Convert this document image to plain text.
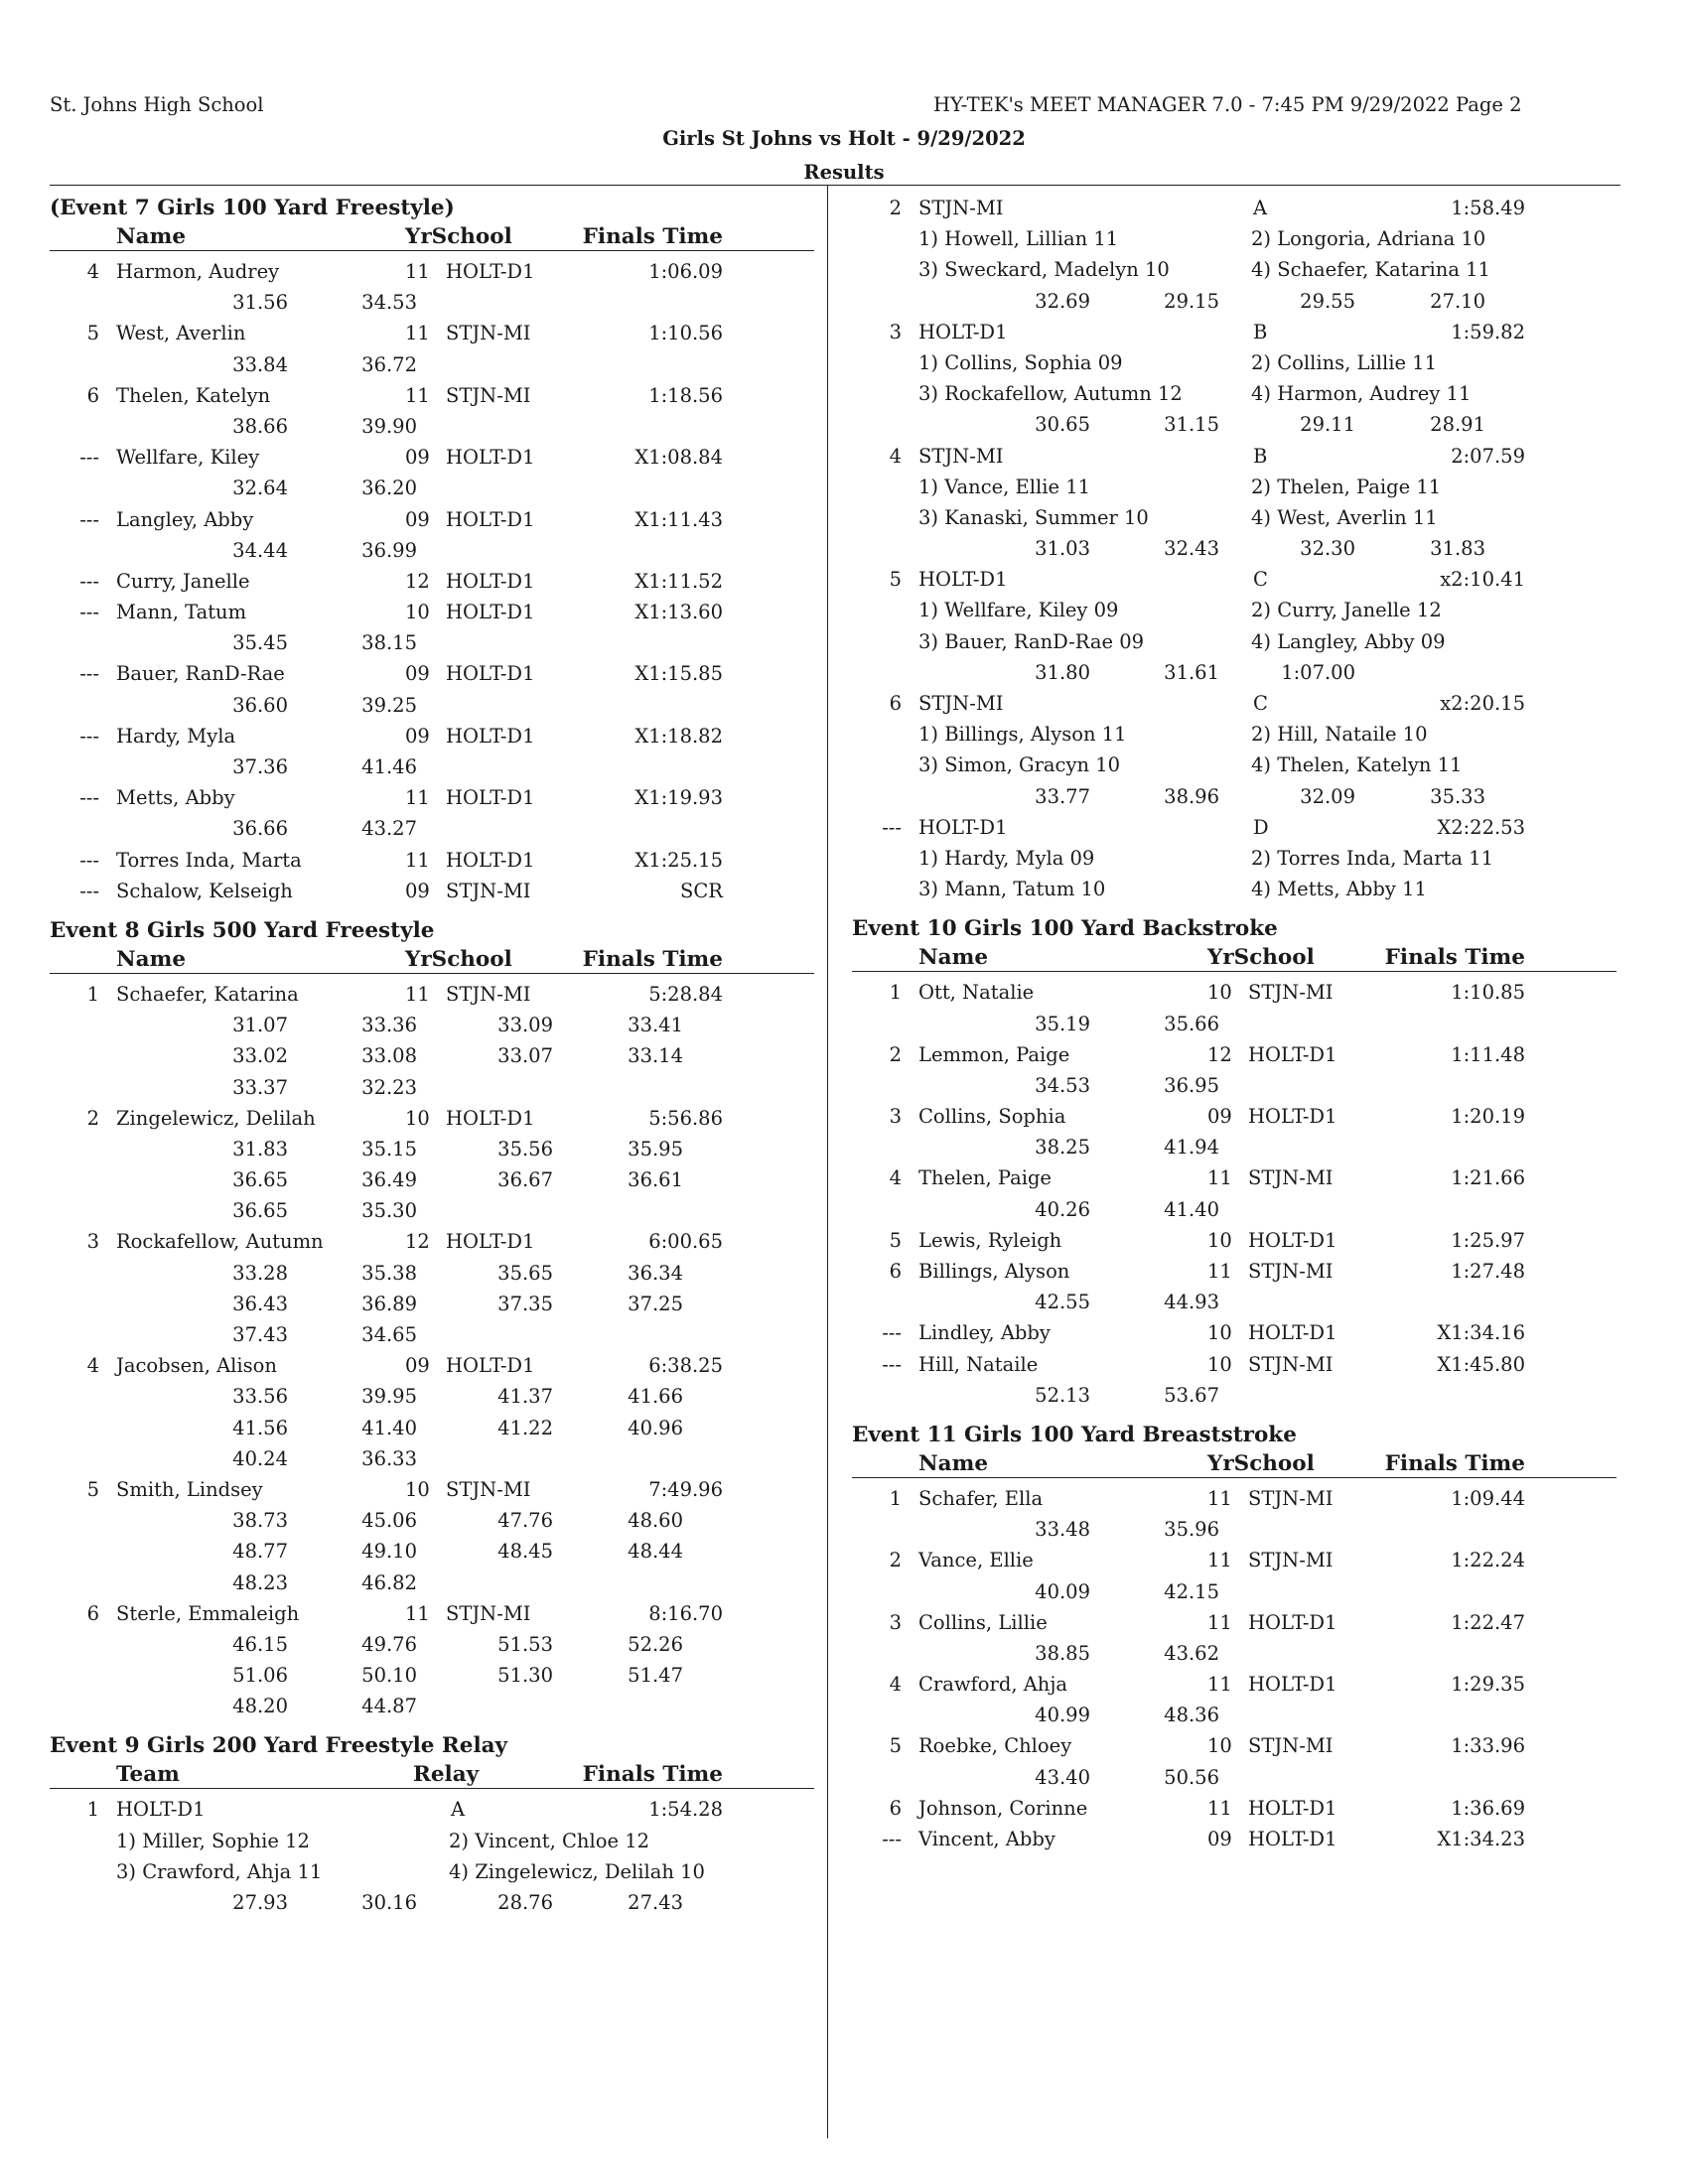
St. Johns High School	HY-TEK's MEET MANAGER 7.0 - 7:45 PM 9/29/2022 Page 2
Girls St Johns vs Holt - 9/29/2022
Results
(Event 7 Girls 100 Yard Freestyle)
Name	YrSchool	Finals Time
4 Harmon, Audrey	11 HOLT-D1	1:06.09
31.56	34.53
5 West, Averlin	11 STJN-MI	1:10.56
33.84	36.72
6 Thelen, Katelyn	11 STJN-MI	1:18.56
38.66	39.90
--- Wellfare, Kiley	09 HOLT-D1	X1:08.84
32.64	36.20
--- Langley, Abby	09 HOLT-D1	X1:11.43
34.44	36.99
--- Curry, Janelle	12 HOLT-D1	X1:11.52
--- Mann, Tatum	10 HOLT-D1	X1:13.60
35.45	38.15
--- Bauer, RanD-Rae	09 HOLT-D1	X1:15.85
36.60	39.25
--- Hardy, Myla	09 HOLT-D1	X1:18.82
37.36	41.46
--- Metts, Abby	11 HOLT-D1	X1:19.93
36.66	43.27
--- Torres Inda, Marta	11 HOLT-D1	X1:25.15
--- Schalow, Kelseigh	09 STJN-MI	SCR
Event 8 Girls 500 Yard Freestyle
Name	YrSchool	Finals Time
1 Schaefer, Katarina	11 STJN-MI	5:28.84
31.07	33.36	33.09	33.41
33.02	33.08	33.07	33.14
33.37	32.23
2 Zingelewicz, Delilah	10 HOLT-D1	5:56.86
31.83	35.15	35.56	35.95
36.65	36.49	36.67	36.61
36.65	35.30
3 Rockafellow, Autumn	12 HOLT-D1	6:00.65
33.28	35.38	35.65	36.34
36.43	36.89	37.35	37.25
37.43	34.65
4 Jacobsen, Alison	09 HOLT-D1	6:38.25
33.56	39.95	41.37	41.66
41.56	41.40	41.22	40.96
40.24	36.33
5 Smith, Lindsey	10 STJN-MI	7:49.96
38.73	45.06	47.76	48.60
48.77	49.10	48.45	48.44
48.23	46.82
6 Sterle, Emmaleigh	11 STJN-MI	8:16.70
46.15	49.76	51.53	52.26
51.06	50.10	51.30	51.47
48.20	44.87
Event 9 Girls 200 Yard Freestyle Relay
Team	Relay	Finals Time
1 HOLT-D1	A	1:54.28
1) Miller, Sophie 12	2) Vincent, Chloe 12
3) Crawford, Ahja 11	4) Zingelewicz, Delilah 10
27.93	30.16	28.76	27.43
2 STJN-MI	A	1:58.49
1) Howell, Lillian 11	2) Longoria, Adriana 10
3) Sweckard, Madelyn 10	4) Schaefer, Katarina 11
32.69	29.15	29.55	27.10
3 HOLT-D1	B	1:59.82
1) Collins, Sophia 09	2) Collins, Lillie 11
3) Rockafellow, Autumn 12	4) Harmon, Audrey 11
30.65	31.15	29.11	28.91
4 STJN-MI	B	2:07.59
1) Vance, Ellie 11	2) Thelen, Paige 11
3) Kanaski, Summer 10	4) West, Averlin 11
31.03	32.43	32.30	31.83
5 HOLT-D1	C	x2:10.41
1) Wellfare, Kiley 09	2) Curry, Janelle 12
3) Bauer, RanD-Rae 09	4) Langley, Abby 09
31.80	31.61	1:07.00
6 STJN-MI	C	x2:20.15
1) Billings, Alyson 11	2) Hill, Nataile 10
3) Simon, Gracyn 10	4) Thelen, Katelyn 11
33.77	38.96	32.09	35.33
--- HOLT-D1	D	X2:22.53
1) Hardy, Myla 09	2) Torres Inda, Marta 11
3) Mann, Tatum 10	4) Metts, Abby 11
Event 10 Girls 100 Yard Backstroke
Name	YrSchool	Finals Time
1 Ott, Natalie	10 STJN-MI	1:10.85
35.19	35.66
2 Lemmon, Paige	12 HOLT-D1	1:11.48
34.53	36.95
3 Collins, Sophia	09 HOLT-D1	1:20.19
38.25	41.94
4 Thelen, Paige	11 STJN-MI	1:21.66
40.26	41.40
5 Lewis, Ryleigh	10 HOLT-D1	1:25.97
6 Billings, Alyson	11 STJN-MI	1:27.48
42.55	44.93
--- Lindley, Abby	10 HOLT-D1	X1:34.16
--- Hill, Nataile	10 STJN-MI	X1:45.80
52.13	53.67
Event 11 Girls 100 Yard Breaststroke
Name	YrSchool	Finals Time
1 Schafer, Ella	11 STJN-MI	1:09.44
33.48	35.96
2 Vance, Ellie	11 STJN-MI	1:22.24
40.09	42.15
3 Collins, Lillie	11 HOLT-D1	1:22.47
38.85	43.62
4 Crawford, Ahja	11 HOLT-D1	1:29.35
40.99	48.36
5 Roebke, Chloey	10 STJN-MI	1:33.96
43.40	50.56
6 Johnson, Corinne	11 HOLT-D1	1:36.69
--- Vincent, Abby	09 HOLT-D1	X1:34.23
